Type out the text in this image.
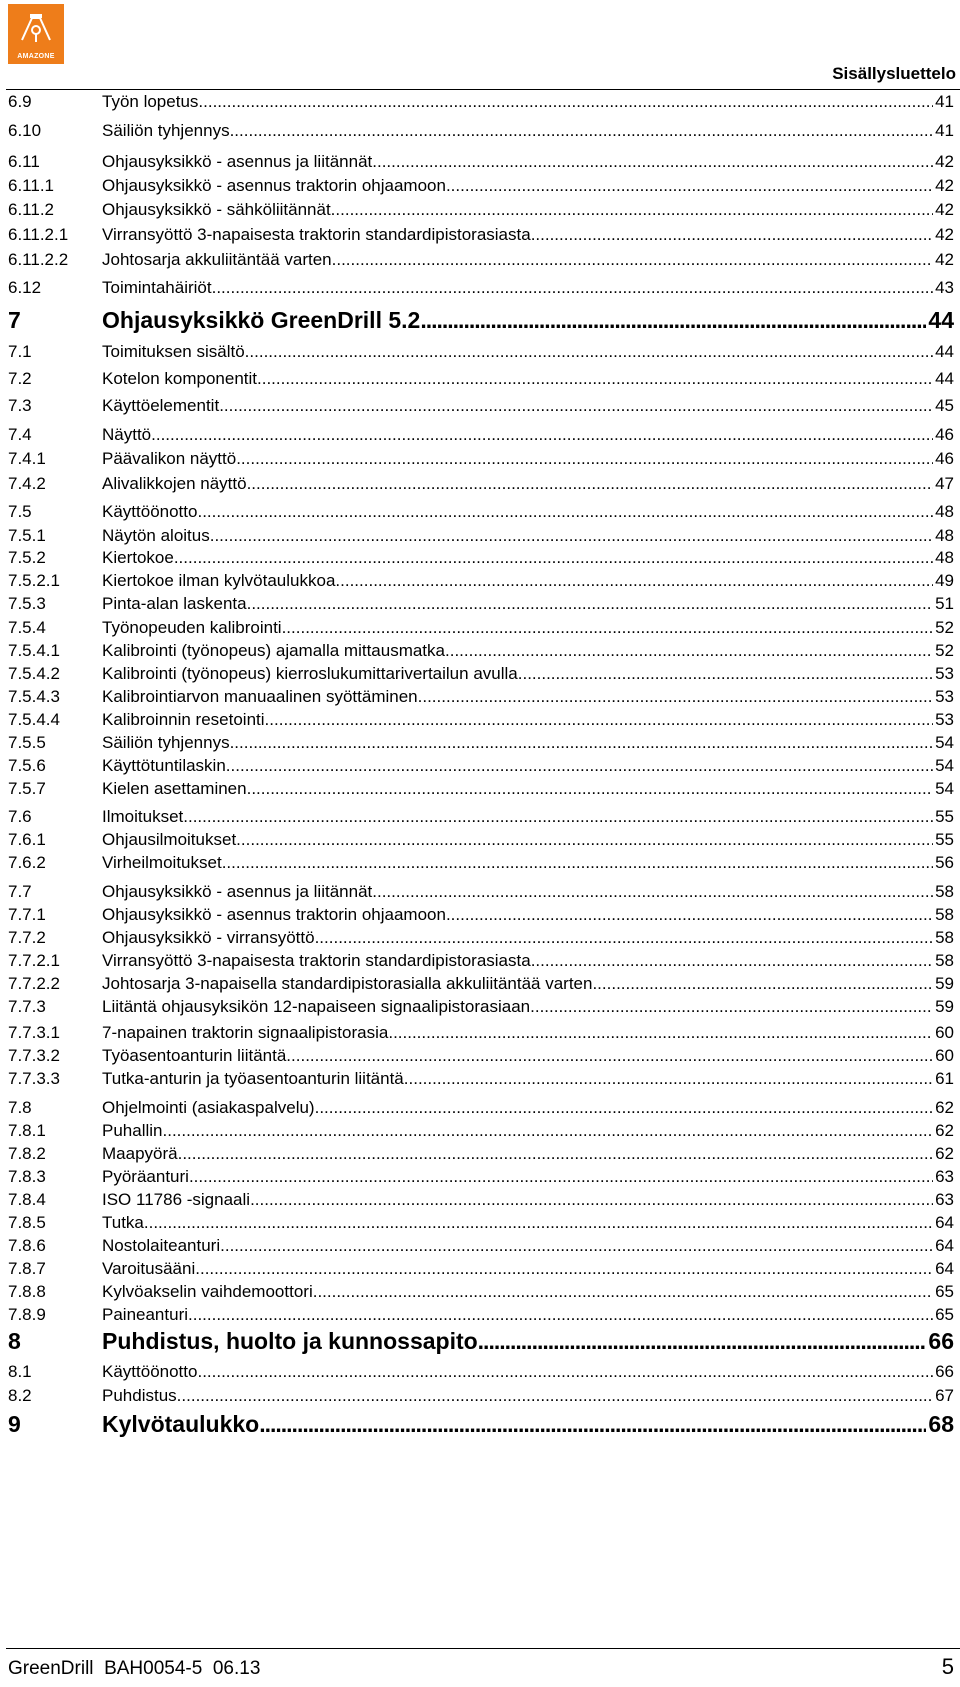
AMAZONE
Sisällysluettelo
6.9	Työn lopetus .....	41
6.10	Säiliön tyhjennys .....	41
6.11	Ohjausyksikkö - asennus ja liitännät .....	42
6.11.1	Ohjausyksikkö - asennus traktorin ohjaamoon .....	42
6.11.2	Ohjausyksikkö - sähköliitännät .....	42
6.11.2.1	Virransyöttö 3-napaisesta traktorin standardipistorasiasta .....	42
6.11.2.2	Johtosarja akkuliitäntää varten .....	42
6.12	Toimintahäiriöt .....	43
7	Ohjausyksikkö GreenDrill 5.2 .....	44
7.1	Toimituksen sisältö .....	44
7.2	Kotelon komponentit .....	44
7.3	Käyttöelementit .....	45
7.4	Näyttö .....	46
7.4.1	Päävalikon näyttö .....	46
7.4.2	Alivalikkojen näyttö .....	47
7.5	Käyttöönotto .....	48
7.5.1	Näytön aloitus .....	48
7.5.2	Kiertokoe .....	48
7.5.2.1	Kiertokoe ilman kylvötaulukkoa .....	49
7.5.3	Pinta-alan laskenta .....	51
7.5.4	Työnopeuden kalibrointi .....	52
7.5.4.1	Kalibrointi (työnopeus) ajamalla mittausmatka .....	52
7.5.4.2	Kalibrointi (työnopeus) kierroslukumittarivertailun avulla .....	53
7.5.4.3	Kalibrointiarvon manuaalinen syöttäminen .....	53
7.5.4.4	Kalibroinnin resetointi .....	53
7.5.5	Säiliön tyhjennys .....	54
7.5.6	Käyttötuntilaskin .....	54
7.5.7	Kielen asettaminen .....	54
7.6	Ilmoitukset .....	55
7.6.1	Ohjausilmoitukset .....	55
7.6.2	Virheilmoitukset .....	56
7.7	Ohjausyksikkö - asennus ja liitännät .....	58
7.7.1	Ohjausyksikkö - asennus traktorin ohjaamoon .....	58
7.7.2	Ohjausyksikkö - virransyöttö .....	58
7.7.2.1	Virransyöttö 3-napaisesta traktorin standardipistorasiasta .....	58
7.7.2.2	Johtosarja 3-napaisella standardipistorasialla akkuliitäntää varten .....	59
7.7.3	Liitäntä ohjausyksikön 12-napaiseen signaalipistorasiaan .....	59
7.7.3.1	7-napainen traktorin signaalipistorasia .....	60
7.7.3.2	Työasentoanturin liitäntä .....	60
7.7.3.3	Tutka-anturin ja työasentoanturin liitäntä .....	61
7.8	Ohjelmointi (asiakaspalvelu) .....	62
7.8.1	Puhallin .....	62
7.8.2	Maapyörä .....	62
7.8.3	Pyöräanturi .....	63
7.8.4	ISO 11786 -signaali .....	63
7.8.5	Tutka .....	64
7.8.6	Nostolaiteanturi .....	64
7.8.7	Varoitusääni .....	64
7.8.8	Kylvöakselin vaihdemoottori .....	65
7.8.9	Paineanturi .....	65
8	Puhdistus, huolto ja kunnossapito .....	66
8.1	Käyttöönotto .....	66
8.2	Puhdistus .....	67
9	Kylvötaulukko .....	68
GreenDrill  BAH0054-5  06.13	5
